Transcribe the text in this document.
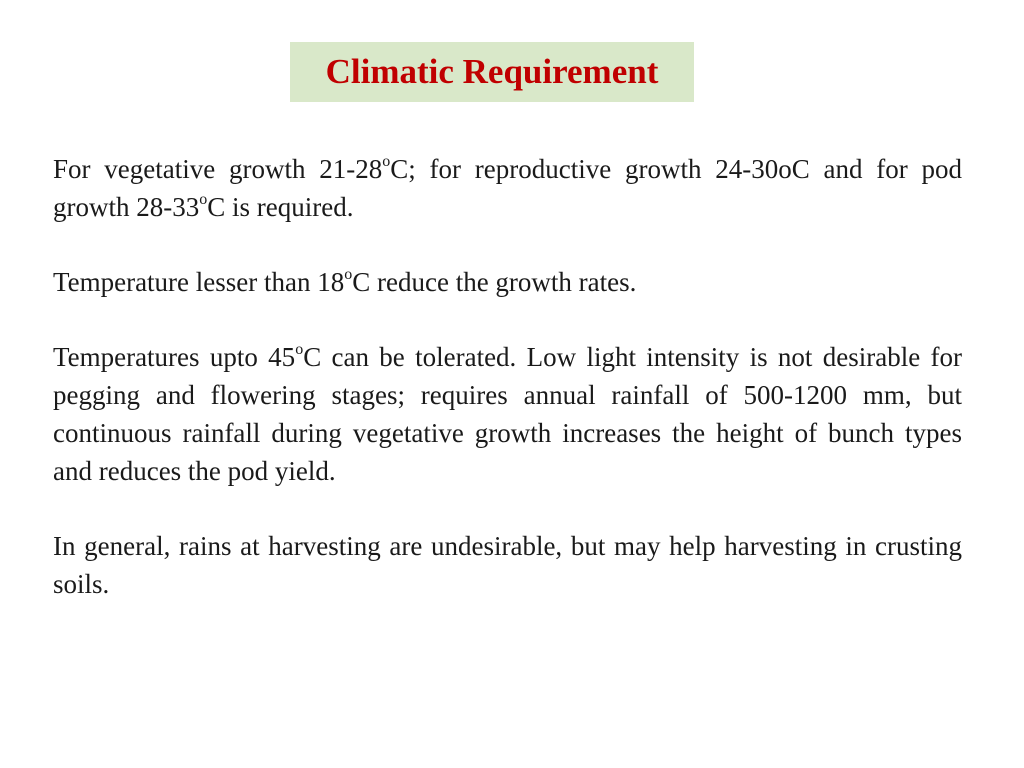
Climatic Requirement

For vegetative growth 21-28$^o$C; for reproductive growth 24-30oC and for pod growth 28-33$^o$C is required.

Temperature lesser than 18$^o$C reduce the growth rates.

Temperatures upto 45$^o$C can be tolerated. Low light intensity is not desirable for pegging and flowering stages; requires annual rainfall of 500-1200 mm, but continuous rainfall during vegetative growth increases the height of bunch types and reduces the pod yield.

In general, rains at harvesting are undesirable, but may help harvesting in crusting soils.
